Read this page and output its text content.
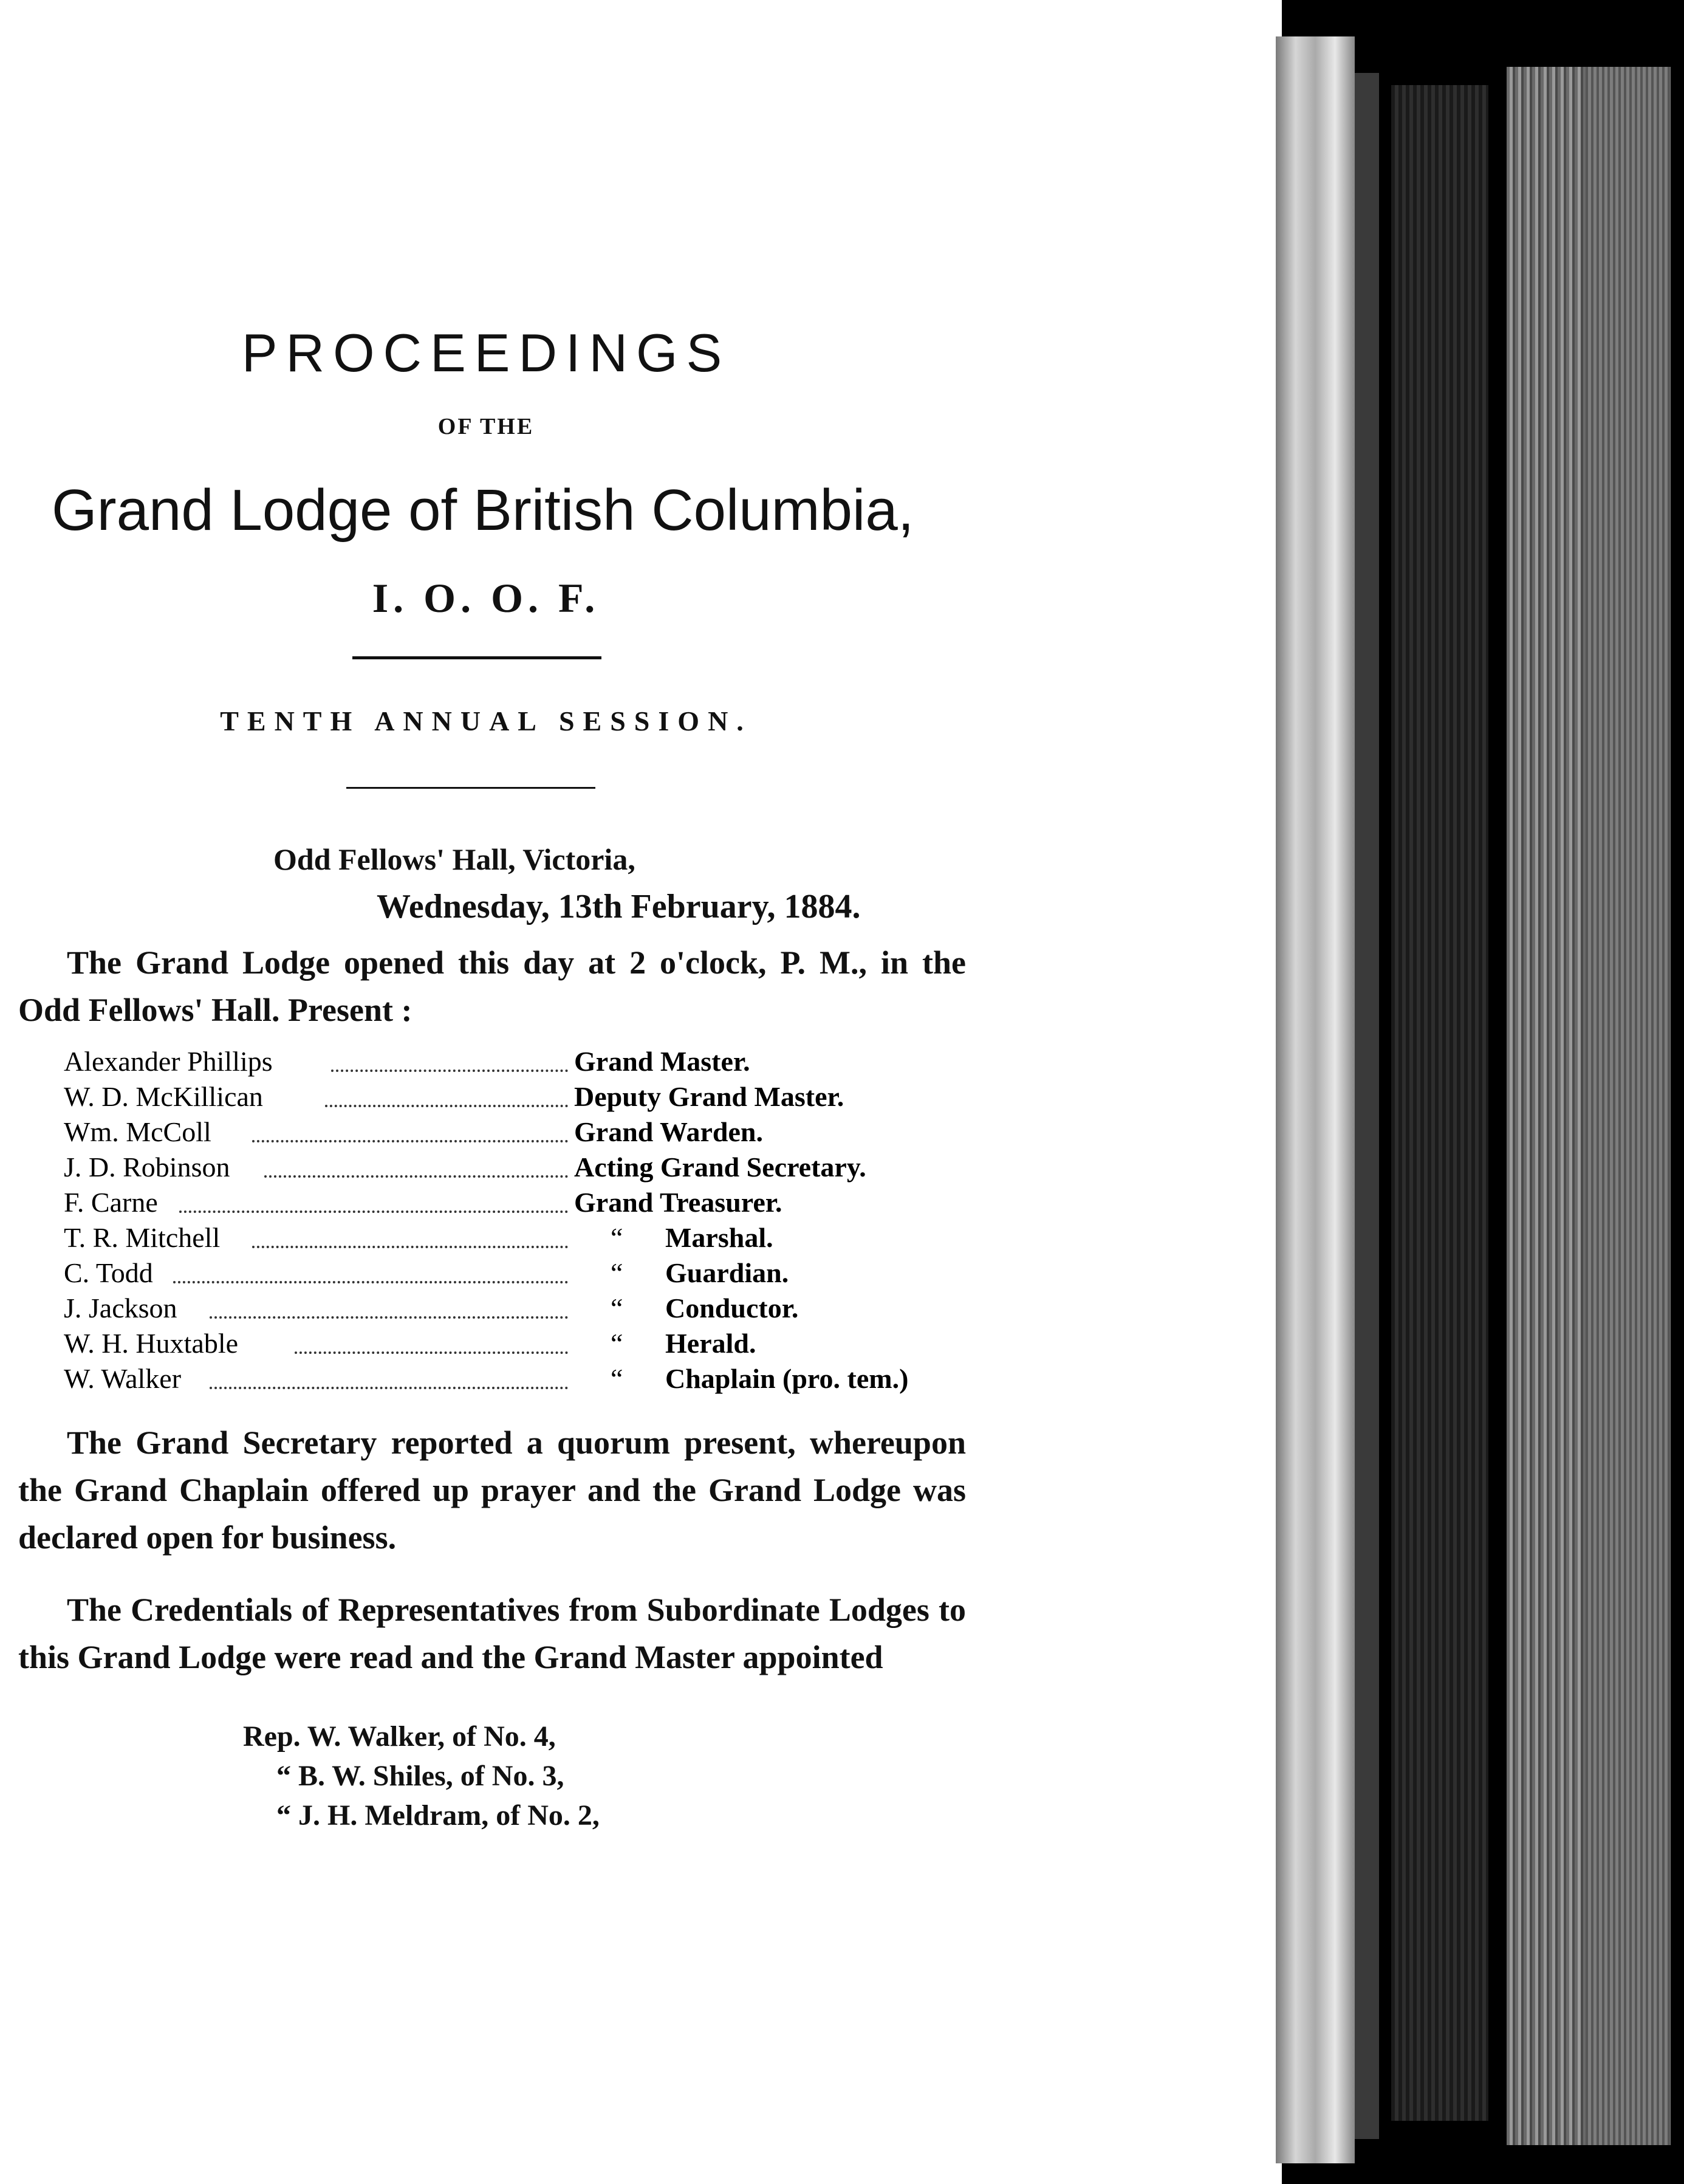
PROCEEDINGS
OF THE
Grand Lodge of British Columbia,
I. O. O. F.
TENTH ANNUAL SESSION.
Odd Fellows' Hall, Victoria,
Wednesday, 13th February, 1884.
The Grand Lodge opened this day at 2 o'clock, P. M., in the Odd Fellows' Hall. Present :
Alexander Phillips	Grand Master.
W. D. McKillican	Deputy Grand Master.
Wm. McColl	Grand Warden.
J. D. Robinson	Acting Grand Secretary.
F. Carne	Grand Treasurer.
T. R. Mitchell	“ Marshal.
C. Todd	“ Guardian.
J. Jackson	“ Conductor.
W. H. Huxtable	“ Herald.
W. Walker	“ Chaplain (pro. tem.)
The Grand Secretary reported a quorum present, whereupon the Grand Chaplain offered up prayer and the Grand Lodge was declared open for business.
The Credentials of Representatives from Subordinate Lodges to this Grand Lodge were read and the Grand Master appointed
Rep. W. Walker, of No. 4,
“ B. W. Shiles, of No. 3,
“ J. H. Meldram, of No. 2,
